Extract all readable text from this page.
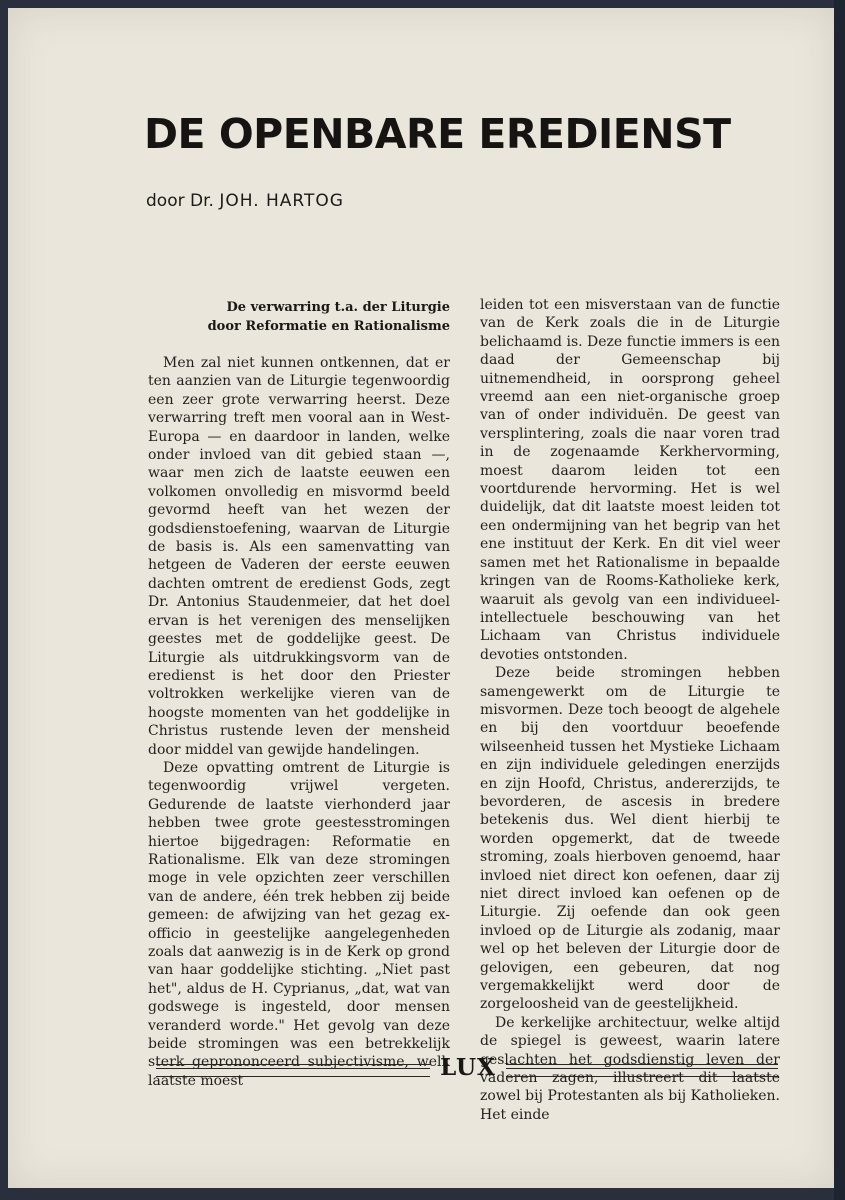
DE OPENBARE EREDIENST
door Dr. JOH. HARTOG
De verwarring t.a. der Liturgie
door Reformatie en Rationalisme

Men zal niet kunnen ontkennen, dat er ten aanzien van de Liturgie tegenwoordig een zeer grote verwarring heerst. Deze verwarring treft men vooral aan in West-Europa — en daardoor in landen, welke onder invloed van dit gebied staan —, waar men zich de laatste eeuwen een volkomen onvolledig en misvormd beeld gevormd heeft van het wezen der godsdienstoefening, waarvan de Liturgie de basis is. Als een samenvatting van hetgeen de Vaderen der eerste eeuwen dachten omtrent de eredienst Gods, zegt Dr. Antonius Staudenmeier, dat het doel ervan is het verenigen des menselijken geestes met de goddelijke geest. De Liturgie als uitdrukkingsvorm van de eredienst is het door den Priester voltrokken werkelijke vieren van de hoogste momenten van het goddelijke in Christus rustende leven der mensheid door middel van gewijde handelingen.

Deze opvatting omtrent de Liturgie is tegenwoordig vrijwel vergeten. Gedurende de laatste vierhonderd jaar hebben twee grote geestesstromingen hiertoe bijgedragen: Reformatie en Rationalisme. Elk van deze stromingen moge in vele opzichten zeer verschillen van de andere, één trek hebben zij beide gemeen: de afwijzing van het gezag ex-officio in geestelijke aangelegenheden zoals dat aanwezig is in de Kerk op grond van haar goddelijke stichting. „Niet past het", aldus de H. Cyprianus, „dat, wat van godswege is ingesteld, door mensen veranderd worde." Het gevolg van deze beide stromingen was een betrekkelijk sterk geprononceerd subjectivisme, welk laatste moest

leiden tot een misverstaan van de functie van de Kerk zoals die in de Liturgie belichaamd is. Deze functie immers is een daad der Gemeenschap bij uitnemendheid, in oorsprong geheel vreemd aan een niet-organische groep van of onder individuën. De geest van versplintering, zoals die naar voren trad in de zogenaamde Kerkhervorming, moest daarom leiden tot een voortdurende hervorming. Het is wel duidelijk, dat dit laatste moest leiden tot een ondermijning van het begrip van het ene instituut der Kerk. En dit viel weer samen met het Rationalisme in bepaalde kringen van de Rooms-Katholieke kerk, waaruit als gevolg van een individueel-intellectuele beschouwing van het Lichaam van Christus individuele devoties ontstonden.

Deze beide stromingen hebben samengewerkt om de Liturgie te misvormen. Deze toch beoogt de algehele en bij den voortduur beoefende wilseenheid tussen het Mystieke Lichaam en zijn individuele geledingen enerzijds en zijn Hoofd, Christus, andererzijds, te bevorderen, de ascesis in bredere betekenis dus. Wel dient hierbij te worden opgemerkt, dat de tweede stroming, zoals hierboven genoemd, haar invloed niet direct kon oefenen, daar zij niet direct invloed kan oefenen op de Liturgie. Zij oefende dan ook geen invloed op de Liturgie als zodanig, maar wel op het beleven der Liturgie door de gelovigen, een gebeuren, dat nog vergemakkelijkt werd door de zorgeloosheid van de geestelijkheid.

De kerkelijke architectuur, welke altijd de spiegel is geweest, waarin latere geslachten het godsdienstig leven der vaderen zagen, illustreert dit laatste zowel bij Protestanten als bij Katholieken. Het einde

LUX
